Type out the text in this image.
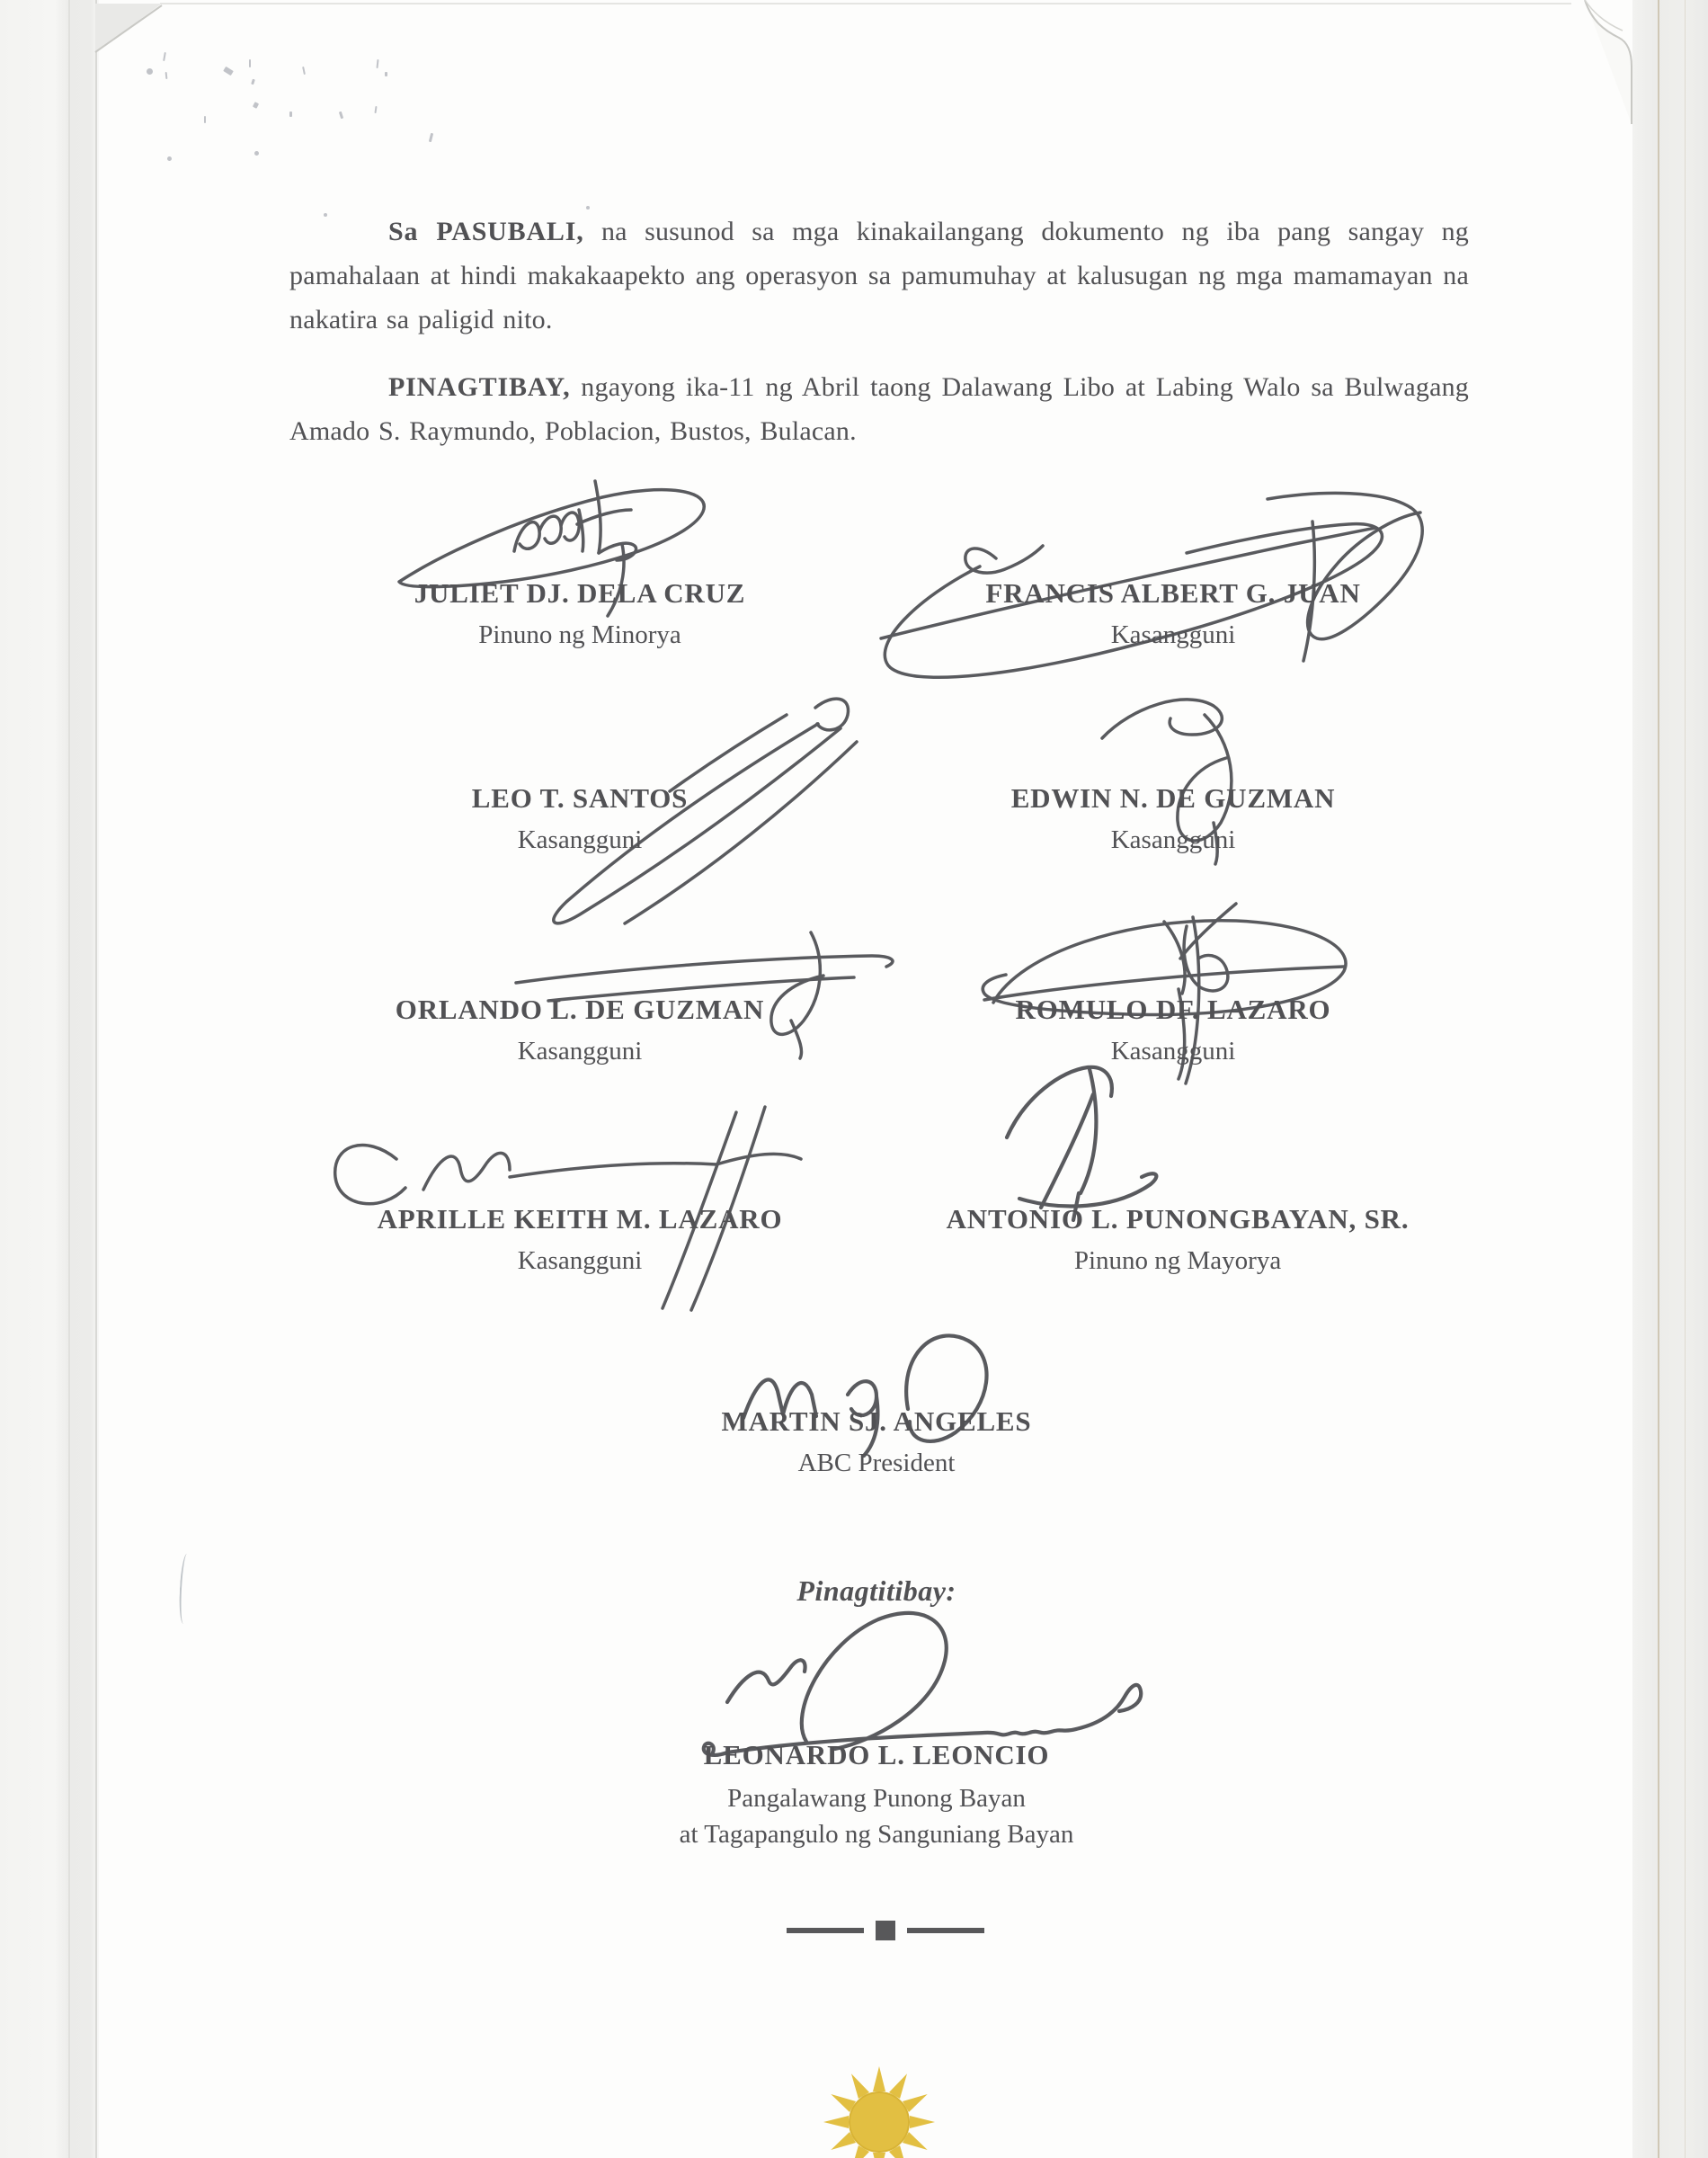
Sa PASUBALI, na susunod sa mga kinakailangang dokumento ng iba pang sangay ng pamahalaan at hindi makakaapekto ang operasyon sa pamumuhay at kalusugan ng mga mamamayan na nakatira sa paligid nito.

PINAGTIBAY, ngayong ika-11 ng Abril taong Dalawang Libo at Labing Walo sa Bulwagang Amado S. Raymundo, Poblacion, Bustos, Bulacan.

JULIET DJ. DELA CRUZ
Pinuno ng Minorya
FRANCIS ALBERT G. JUAN
Kasangguni
LEO T. SANTOS
Kasangguni
EDWIN N. DE GUZMAN
Kasangguni
ORLANDO L. DE GUZMAN
Kasangguni
ROMULO DF. LAZARO
Kasangguni
APRILLE KEITH M. LAZARO
Kasangguni
ANTONIO L. PUNONGBAYAN, SR.
Pinuno ng Mayorya
MARTIN SJ. ANGELES
ABC President
Pinagtitibay:
LEONARDO L. LEONCIO
Pangalawang Punong Bayan
at Tagapangulo ng Sanguniang Bayan
